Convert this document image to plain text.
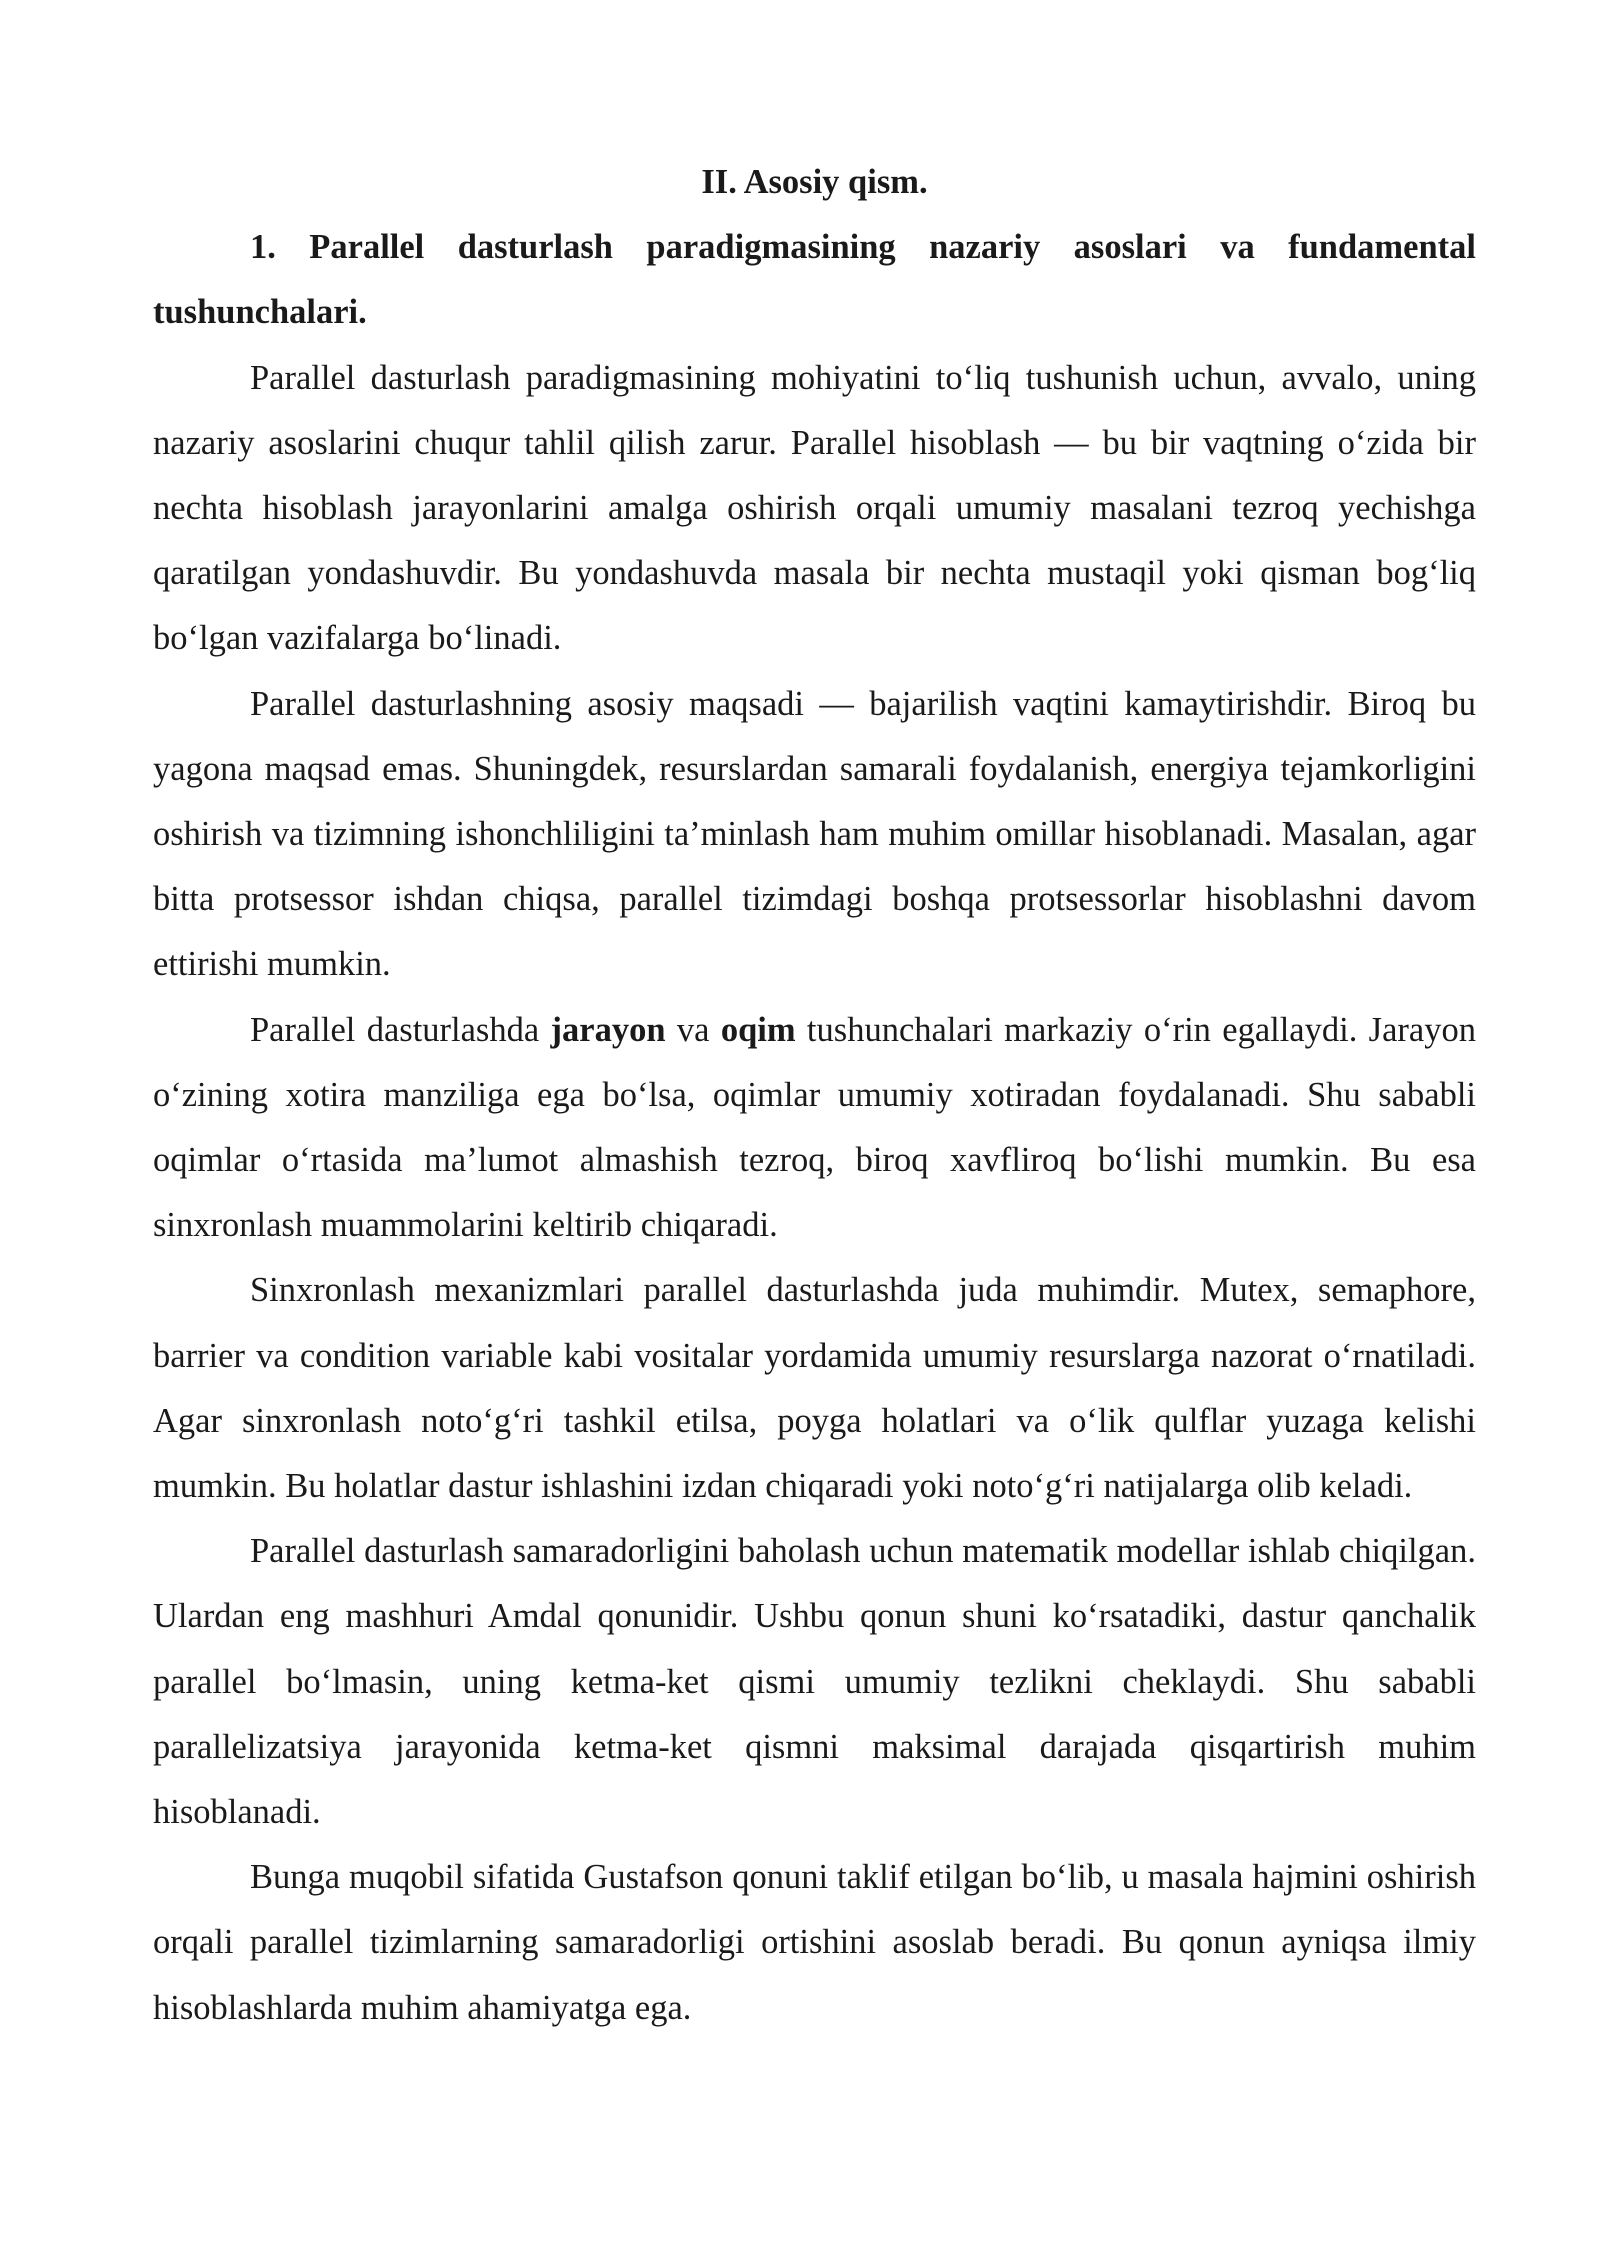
II. Asosiy qism.

1. Parallel dasturlash paradigmasining nazariy asoslari va fundamental tushunchalari.

Parallel dasturlash paradigmasining mohiyatini to‘liq tushunish uchun, avvalo, uning nazariy asoslarini chuqur tahlil qilish zarur. Parallel hisoblash — bu bir vaqtning o‘zida bir nechta hisoblash jarayonlarini amalga oshirish orqali umumiy masalani tezroq yechishga qaratilgan yondashuvdir. Bu yondashuvda masala bir nechta mustaqil yoki qisman bog‘liq bo‘lgan vazifalarga bo‘linadi.

Parallel dasturlashning asosiy maqsadi — bajarilish vaqtini kamaytirishdir. Biroq bu yagona maqsad emas. Shuningdek, resurslardan samarali foydalanish, energiya tejamkorligini oshirish va tizimning ishonchliligini ta’minlash ham muhim omillar hisoblanadi. Masalan, agar bitta protsessor ishdan chiqsa, parallel tizimdagi boshqa protsessorlar hisoblashni davom ettirishi mumkin.

Parallel dasturlashda jarayon va oqim tushunchalari markaziy o‘rin egallaydi. Jarayon o‘zining xotira manziliga ega bo‘lsa, oqimlar umumiy xotiradan foydalanadi. Shu sababli oqimlar o‘rtasida ma’lumot almashish tezroq, biroq xavfliroq bo‘lishi mumkin. Bu esa sinxronlash muammolarini keltirib chiqaradi.

Sinxronlash mexanizmlari parallel dasturlashda juda muhimdir. Mutex, semaphore, barrier va condition variable kabi vositalar yordamida umumiy resurslarga nazorat o‘rnatiladi. Agar sinxronlash noto‘g‘ri tashkil etilsa, poyga holatlari va o‘lik qulflar yuzaga kelishi mumkin. Bu holatlar dastur ishlashini izdan chiqaradi yoki noto‘g‘ri natijalarga olib keladi.

Parallel dasturlash samaradorligini baholash uchun matematik modellar ishlab chiqilgan. Ulardan eng mashhuri Amdal qonunidir. Ushbu qonun shuni ko‘rsatadiki, dastur qanchalik parallel bo‘lmasin, uning ketma-ket qismi umumiy tezlikni cheklaydi. Shu sababli parallelizatsiya jarayonida ketma-ket qismni maksimal darajada qisqartirish muhim hisoblanadi.

Bunga muqobil sifatida Gustafson qonuni taklif etilgan bo‘lib, u masala hajmini oshirish orqali parallel tizimlarning samaradorligi ortishini asoslab beradi. Bu qonun ayniqsa ilmiy hisoblashlarda muhim ahamiyatga ega.
